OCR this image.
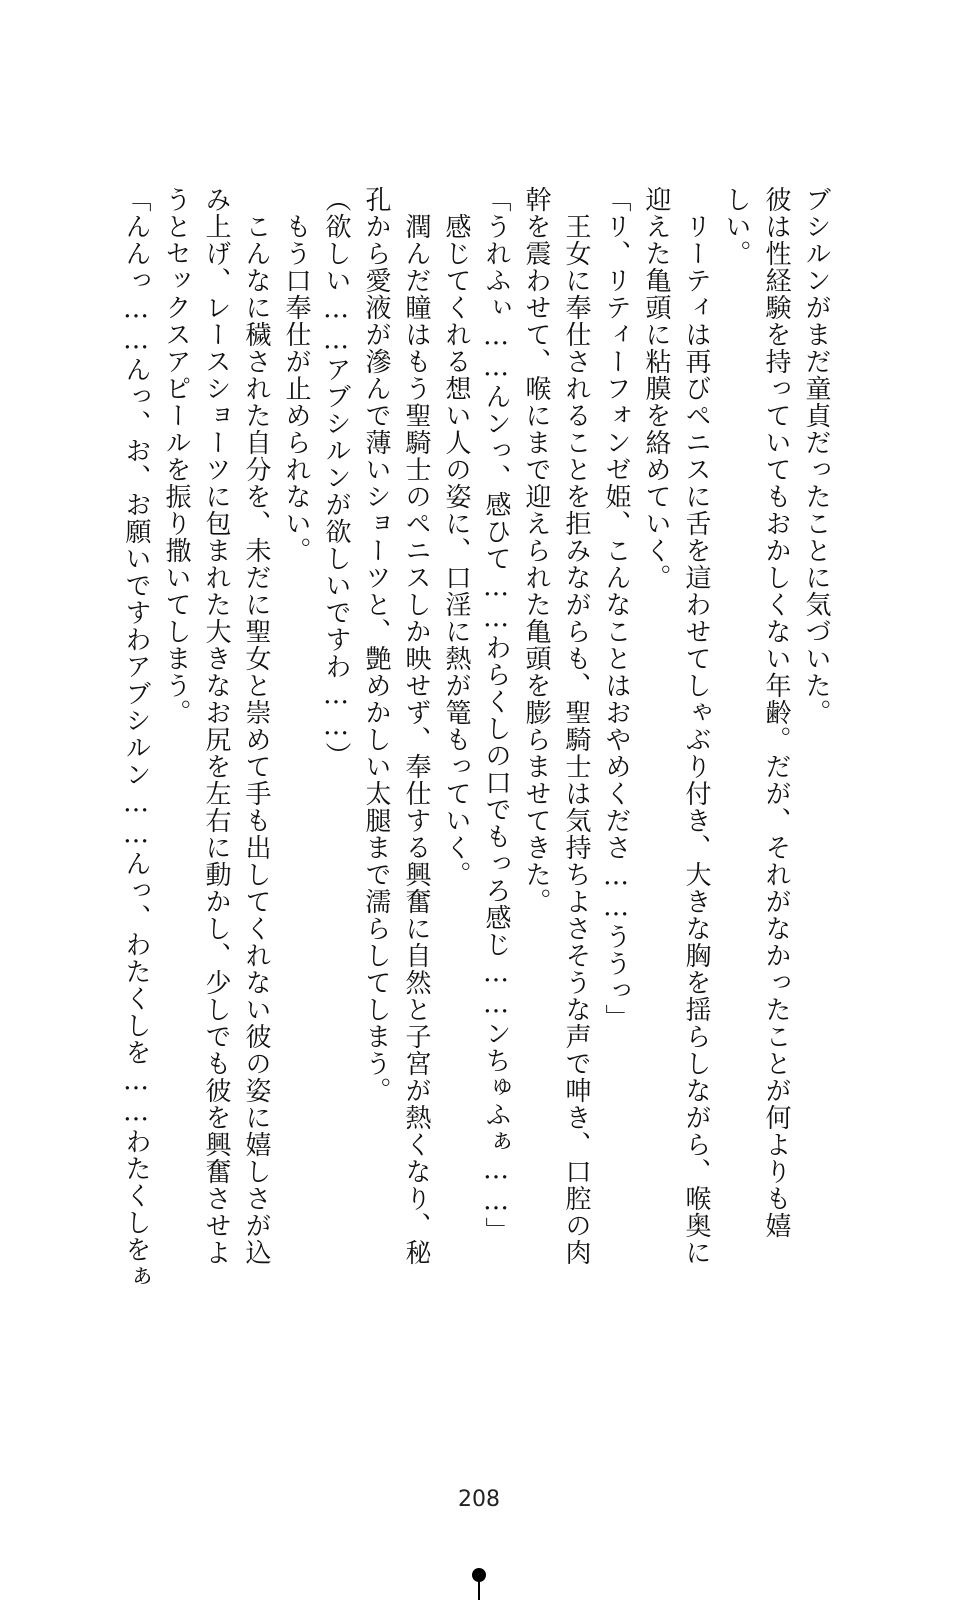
ブシルンがまだ童貞だったことに気づいた。
彼は性経験を持っていてもおかしくない年齢。だが、それがなかったことが何よりも嬉
しい。
　リーティは再びペニスに舌を這わせてしゃぶり付き、大きな胸を揺らしながら、喉奥に
迎えた亀頭に粘膜を絡めていく。
「リ、リティーフォンゼ姫、こんなことはおやめくださ……ううっ」
　王女に奉仕されることを拒みながらも、聖騎士は気持ちよさそうな声で呻き、口腔の肉
幹を震わせて、喉にまで迎えられた亀頭を膨らませてきた。
「うれふぃ……んンっ、感ひて……わらくしの口でもっろ感じ……ンちゅふぁ……」
　感じてくれる想い人の姿に、口淫に熱が篭もっていく。
　潤んだ瞳はもう聖騎士のペニスしか映せず、奉仕する興奮に自然と子宮が熱くなり、秘
孔から愛液が滲んで薄いショーツと、艶めかしい太腿まで濡らしてしまう。
（欲しい……アブシルンが欲しいですわ……）
　もう口奉仕が止められない。
　こんなに穢された自分を、未だに聖女と崇めて手も出してくれない彼の姿に嬉しさが込
み上げ、レースショーツに包まれた大きなお尻を左右に動かし、少しでも彼を興奮させよ
うとセックスアピールを振り撒いてしまう。
「んんっ……んっ、お、お願いですわアブシルン……んっ、わたくしを……わたくしをぁ
208
